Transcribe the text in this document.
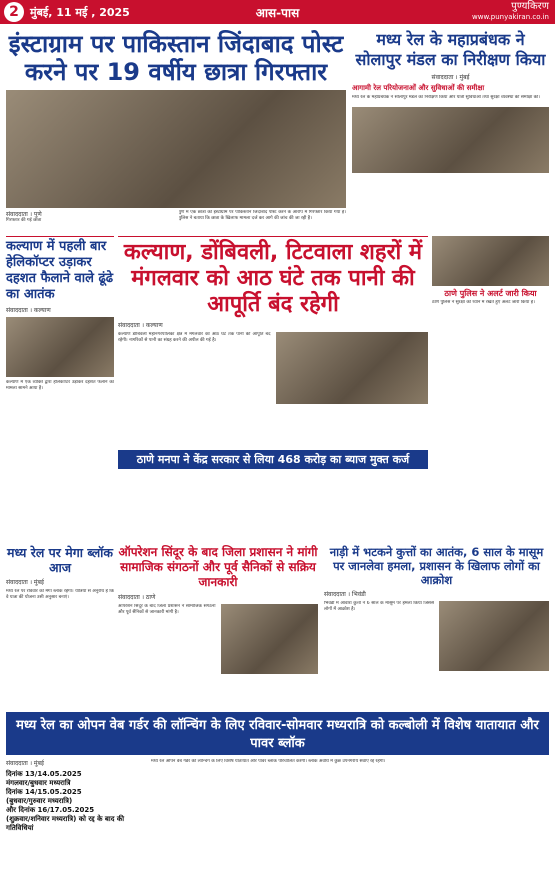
2	मुंबई, 11 मई , 2025	आस-पास	पुण्यकिरण
www.punyakiran.co.in
इंस्टाग्राम पर पाकिस्तान जिंदाबाद पोस्ट करने पर 19 वर्षीय छात्रा गिरफ्तार
संवाददाता । पुणे
गिरफ्तार की गई छात्रा
पुणे में एक छात्रा को इंस्टाग्राम पर पाकिस्तान जिंदाबाद पोस्ट करने के आरोप में गिरफ्तार किया गया है। पुलिस ने बताया कि छात्रा के खिलाफ मामला दर्ज कर आगे की जांच की जा रही है।
मध्य रेल के महाप्रबंधक ने सोलापुर मंडल का निरीक्षण किया
संवाददाता । मुंबई
आगामी रेल परियोजनाओं और सुविधाओं की समीक्षा
मध्य रेल के महाप्रबंधक ने सोलापुर मंडल का निरीक्षण किया और यात्री सुविधाओं तथा सुरक्षा व्यवस्था की समीक्षा की।
कल्याण में पहली बार हेलिकॉप्टर उड़ाकर दहशत फैलाने वाले ढूंढे का आतंक
संवाददाता । कल्याण
कल्याण में एक व्यक्ति द्वारा हेलिकॉप्टर उड़ाकर दहशत फैलाने का मामला सामने आया है।
कल्याण, डोंबिवली, टिटवाला शहरों में मंगलवार को आठ घंटे तक पानी की आपूर्ति बंद रहेगी
संवाददाता । कल्याण
कल्याण डोंबिवली महानगरपालिका क्षेत्र में मंगलवार को आठ घंटे तक पानी की आपूर्ति बंद रहेगी। नागरिकों से पानी का संग्रह करने की अपील की गई है।
ठाणे पुलिस ने अलर्ट जारी किया
ठाणे पुलिस ने सुरक्षा को ध्यान में रखते हुए अलर्ट जारी किया है।
ठाणे मनपा ने केंद्र सरकार से लिया 468 करोड़ का ब्याज मुक्त कर्ज
मध्य रेल पर मेगा ब्लॉक आज
संवाददाता । मुंबई
मध्य रेल पर रविवार को मेगा ब्लॉक रहेगा। यात्रियों से अनुरोध है कि वे यात्रा की योजना उसी अनुसार बनाएं।
ऑपरेशन सिंदूर के बाद जिला प्रशासन ने मांगी सामाजिक संगठनों और पूर्व सैनिकों से सक्रिय जानकारी
संवाददाता । ठाणे
ऑपरेशन सिंदूर के बाद जिला प्रशासन ने सामाजिक संगठनों और पूर्व सैनिकों से जानकारी मांगी है।
नाड़ी में भटकने कुत्तों का आतंक, 6 साल के मासूम पर जानलेवा हमला, प्रशासन के खिलाफ लोगों का आक्रोश
संवाददाता । भिवंडी
भिवंडी में आवारा कुत्तों ने 6 साल के मासूम पर हमला किया जिससे लोगों में आक्रोश है।
मध्य रेल का ओपन वेब गर्डर की लॉन्चिंग के लिए रविवार-सोमवार मध्यरात्रि को कल्बोली में विशेष यातायात और पावर ब्लॉक
संवाददाता । मुंबई
दिनांक 13/14.05.2025
मंगलवार/बुधवार मध्यरात्रि
दिनांक 14/15.05.2025
(बुधवार/गुरुवार मध्यरात्रि)
और दिनांक 16/17.05.2025
(शुक्रवार/शनिवार मध्यरात्रि) को रद्द के बाद की गतिविधियां
मध्य रेल ओपन वेब गर्डर की लॉन्चिंग के लिए विशेष यातायात और पावर ब्लॉक परिचालित करेगी। ब्लॉक अवधि में कुछ उपनगरीय सेवाएं रद्द रहेंगी।
